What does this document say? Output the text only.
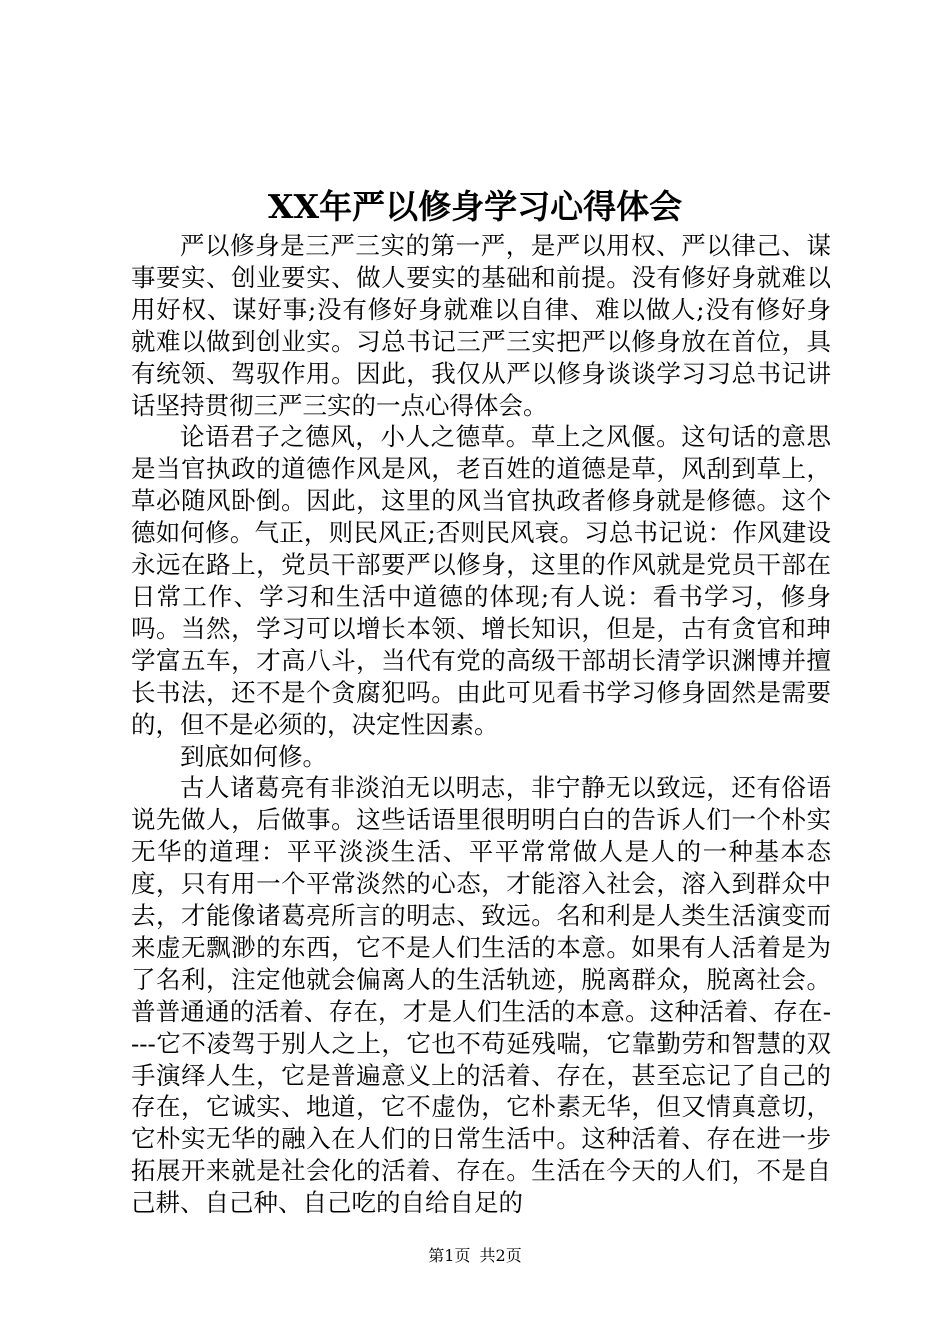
XX年严以修身学习心得体会

严以修身是三严三实的第一严，是严以用权、严以律己、谋事要实、创业要实、做人要实的基础和前提。没有修好身就难以用好权、谋好事;没有修好身就难以自律、难以做人;没有修好身就难以做到创业实。习总书记三严三实把严以修身放在首位，具有统领、驾驭作用。因此，我仅从严以修身谈谈学习习总书记讲话坚持贯彻三严三实的一点心得体会。

论语君子之德风，小人之德草。草上之风偃。这句话的意思是当官执政的道德作风是风，老百姓的道德是草，风刮到草上，草必随风卧倒。因此，这里的风当官执政者修身就是修德。这个德如何修。气正，则民风正;否则民风衰。习总书记说：作风建设永远在路上，党员干部要严以修身，这里的作风就是党员干部在日常工作、学习和生活中道德的体现;有人说：看书学习，修身吗。当然，学习可以增长本领、增长知识，但是，古有贪官和珅学富五车，才高八斗，当代有党的高级干部胡长清学识渊博并擅长书法，还不是个贪腐犯吗。由此可见看书学习修身固然是需要的，但不是必须的，决定性因素。

到底如何修。

古人诸葛亮有非淡泊无以明志，非宁静无以致远，还有俗语说先做人，后做事。这些话语里很明明白白的告诉人们一个朴实无华的道理：平平淡淡生活、平平常常做人是人的一种基本态度，只有用一个平常淡然的心态，才能溶入社会，溶入到群众中去，才能像诸葛亮所言的明志、致远。名和利是人类生活演变而来虚无飘渺的东西，它不是人们生活的本意。如果有人活着是为了名利，注定他就会偏离人的生活轨迹，脱离群众，脱离社会。普普通通的活着、存在，才是人们生活的本意。这种活着、存在----它不凌驾于别人之上，它也不苟延残喘，它靠勤劳和智慧的双手演绎人生，它是普遍意义上的活着、存在，甚至忘记了自己的存在，它诚实、地道，它不虚伪，它朴素无华，但又情真意切，它朴实无华的融入在人们的日常生活中。这种活着、存在进一步拓展开来就是社会化的活着、存在。生活在今天的人们，不是自己耕、自己种、自己吃的自给自足的

第1页 共2页
